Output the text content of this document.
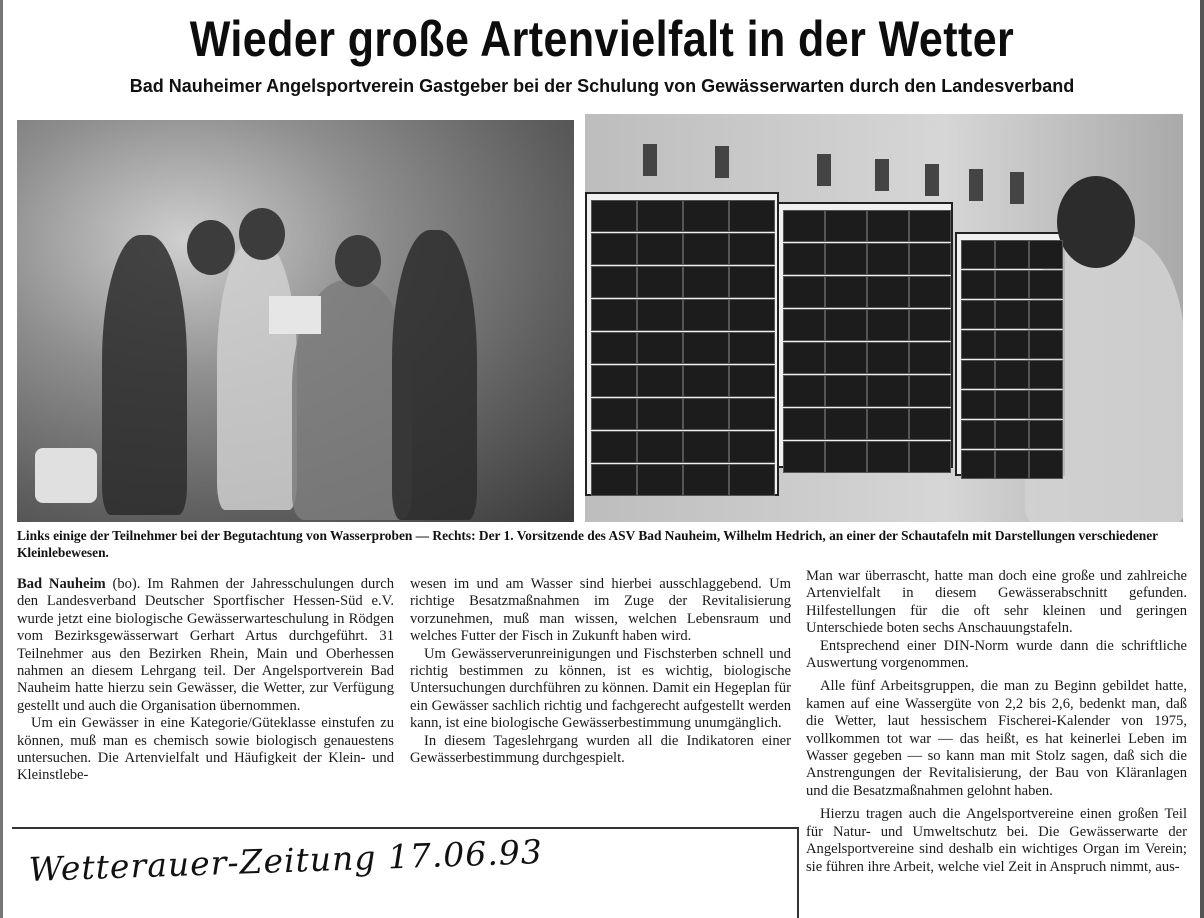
Wieder große Artenvielfalt in der Wetter
Bad Nauheimer Angelsportverein Gastgeber bei der Schulung von Gewässerwarten durch den Landesverband
Links einige der Teilnehmer bei der Begutachtung von Wasserproben — Rechts: Der 1. Vorsitzende des ASV Bad Nauheim, Wilhelm Hedrich, an einer der Schautafeln mit Darstellungen verschiedener Kleinlebewesen.

Bad Nauheim (bo). Im Rahmen der Jahresschulungen durch den Landesverband Deutscher Sportfischer Hessen-Süd e.V. wurde jetzt eine biologische Gewässerwarteschulung in Rödgen vom Bezirksgewässerwart Gerhart Artus durchgeführt. 31 Teilnehmer aus den Bezirken Rhein, Main und Oberhessen nahmen an diesem Lehrgang teil. Der Angelsportverein Bad Nauheim hatte hierzu sein Gewässer, die Wetter, zur Verfügung gestellt und auch die Organisation übernommen.

Um ein Gewässer in eine Kategorie/Güteklasse einstufen zu können, muß man es chemisch sowie biologisch genauestens untersuchen. Die Artenvielfalt und Häufigkeit der Klein- und Kleinstlebe-

wesen im und am Wasser sind hierbei ausschlaggebend. Um richtige Besatzmaßnahmen im Zuge der Revitalisierung vorzunehmen, muß man wissen, welchen Lebensraum und welches Futter der Fisch in Zukunft haben wird.

Um Gewässerverunreinigungen und Fischsterben schnell und richtig bestimmen zu können, ist es wichtig, biologische Untersuchungen durchführen zu können. Damit ein Hegeplan für ein Gewässer sachlich richtig und fachgerecht aufgestellt werden kann, ist eine biologische Gewässerbestimmung unumgänglich.

In diesem Tageslehrgang wurden all die Indikatoren einer Gewässerbestimmung durchgespielt.

Man war überrascht, hatte man doch eine große und zahlreiche Artenvielfalt in diesem Gewässerabschnitt gefunden. Hilfestellungen für die oft sehr kleinen und geringen Unterschiede boten sechs Anschauungstafeln.

Entsprechend einer DIN-Norm wurde dann die schriftliche Auswertung vorgenommen.

Alle fünf Arbeitsgruppen, die man zu Beginn gebildet hatte, kamen auf eine Wassergüte von 2,2 bis 2,6, bedenkt man, daß die Wetter, laut hessischem Fischerei-Kalender von 1975, vollkommen tot war — das heißt, es hat keinerlei Leben im Wasser gegeben — so kann man mit Stolz sagen, daß sich die Anstrengungen der Revitalisierung, der Bau von Kläranlagen und die Besatzmaßnahmen gelohnt haben.

Hierzu tragen auch die Angelsportvereine einen großen Teil für Natur- und Umweltschutz bei. Die Gewässerwarte der Angelsportvereine sind deshalb ein wichtiges Organ im Verein; sie führen ihre Arbeit, welche viel Zeit in Anspruch nimmt, aus-

Wetterauer-Zeitung 17.06.93
